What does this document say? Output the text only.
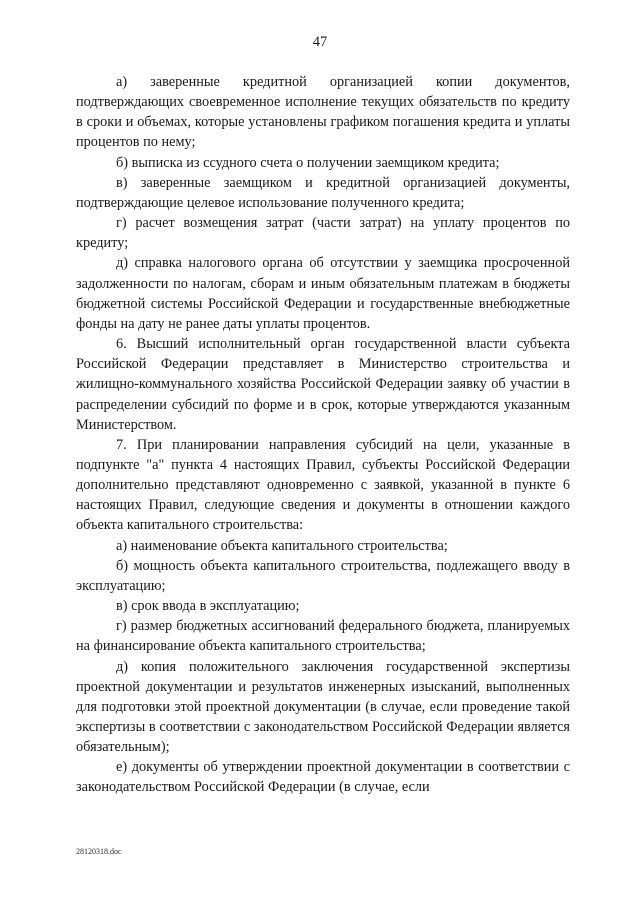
47

а) заверенные кредитной организацией копии документов, подтверждающих своевременное исполнение текущих обязательств по кредиту в сроки и объемах, которые установлены графиком погашения кредита и уплаты процентов по нему;

б) выписка из ссудного счета о получении заемщиком кредита;

в) заверенные заемщиком и кредитной организацией документы, подтверждающие целевое использование полученного кредита;

г) расчет возмещения затрат (части затрат) на уплату процентов по кредиту;

д) справка налогового органа об отсутствии у заемщика просроченной задолженности по налогам, сборам и иным обязательным платежам в бюджеты бюджетной системы Российской Федерации и государственные внебюджетные фонды на дату не ранее даты уплаты процентов.

6. Высший исполнительный орган государственной власти субъекта Российской Федерации представляет в Министерство строительства и жилищно-коммунального хозяйства Российской Федерации заявку об участии в распределении субсидий по форме и в срок, которые утверждаются указанным Министерством.

7. При планировании направления субсидий на цели, указанные в подпункте "а" пункта 4 настоящих Правил, субъекты Российской Федерации дополнительно представляют одновременно с заявкой, указанной в пункте 6 настоящих Правил, следующие сведения и документы в отношении каждого объекта капитального строительства:

а) наименование объекта капитального строительства;

б) мощность объекта капитального строительства, подлежащего вводу в эксплуатацию;

в) срок ввода в эксплуатацию;

г) размер бюджетных ассигнований федерального бюджета, планируемых на финансирование объекта капитального строительства;

д) копия положительного заключения государственной экспертизы проектной документации и результатов инженерных изысканий, выполненных для подготовки этой проектной документации (в случае, если проведение такой экспертизы в соответствии с законодательством Российской Федерации является обязательным);

е) документы об утверждении проектной документации в соответствии с законодательством Российской Федерации (в случае, если

28120318.doc
